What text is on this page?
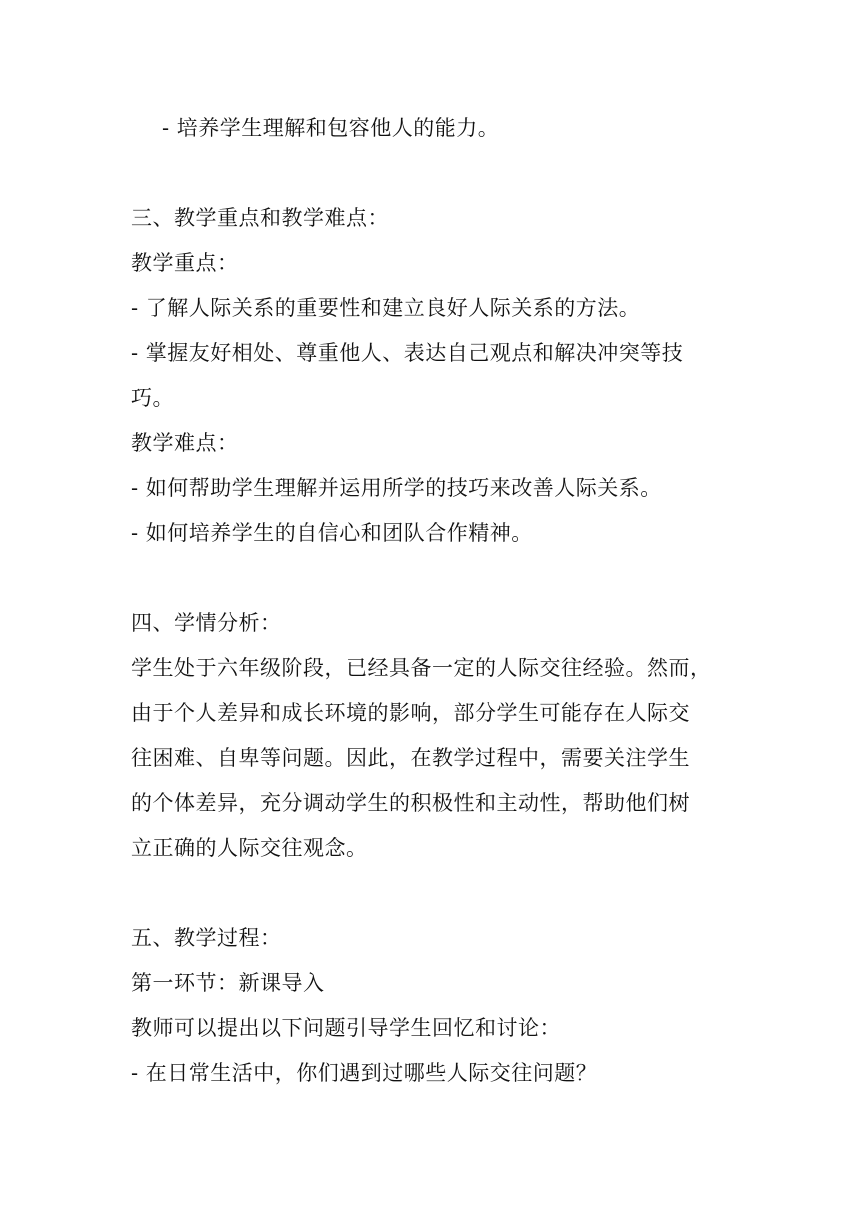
- 培养学生理解和包容他人的能力。
三、教学重点和教学难点：
教学重点：
- 了解人际关系的重要性和建立良好人际关系的方法。
- 掌握友好相处、尊重他人、表达自己观点和解决冲突等技
巧。
教学难点：
- 如何帮助学生理解并运用所学的技巧来改善人际关系。
- 如何培养学生的自信心和团队合作精神。
四、学情分析：
学生处于六年级阶段，已经具备一定的人际交往经验。然而，
由于个人差异和成长环境的影响，部分学生可能存在人际交
往困难、自卑等问题。因此，在教学过程中，需要关注学生
的个体差异，充分调动学生的积极性和主动性，帮助他们树
立正确的人际交往观念。
五、教学过程：
第一环节：新课导入
教师可以提出以下问题引导学生回忆和讨论：
- 在日常生活中，你们遇到过哪些人际交往问题？
